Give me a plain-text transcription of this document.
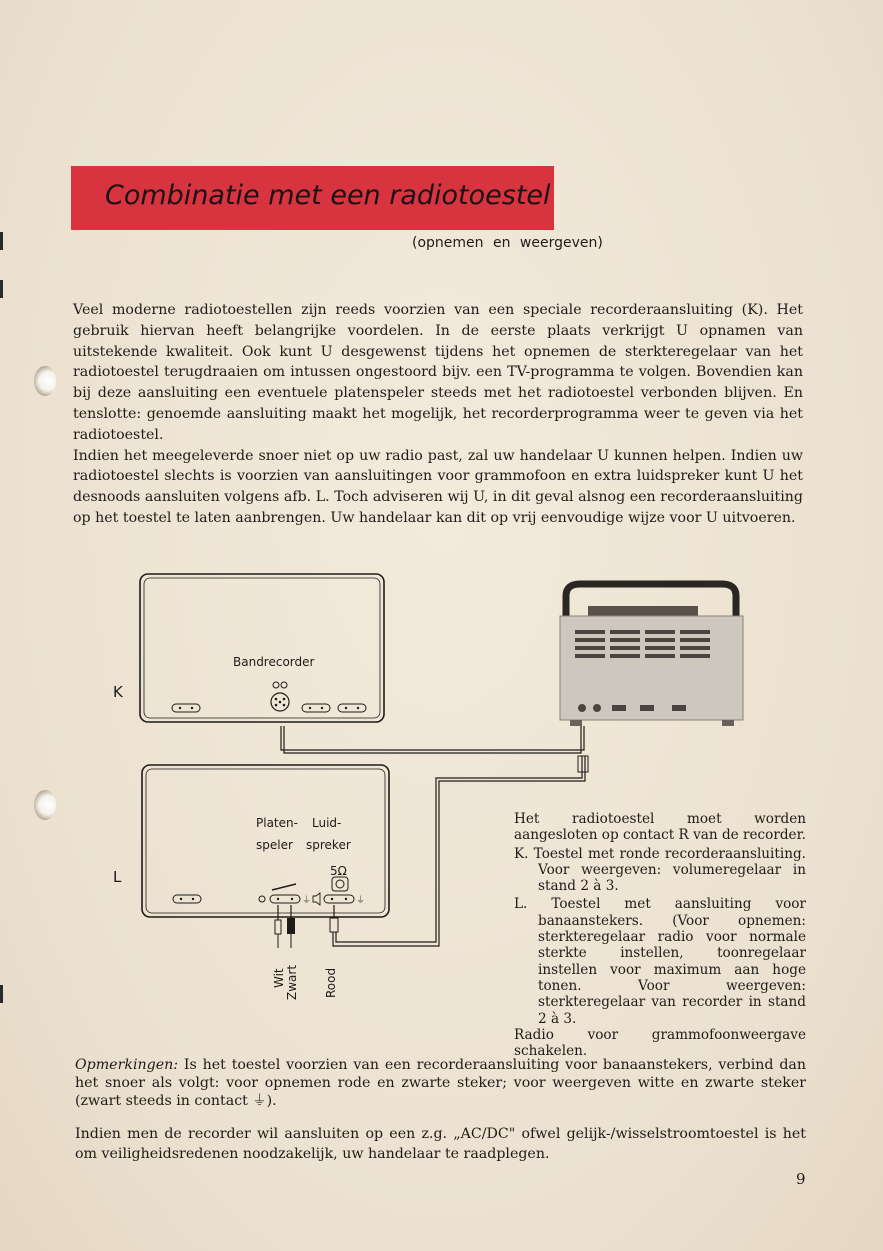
Combinatie met een radiotoestel
(opnemen en weergeven)

Veel moderne radiotoestellen zijn reeds voorzien van een speciale recorderaansluiting (K). Het gebruik hiervan heeft belangrijke voordelen. In de eerste plaats verkrijgt U opnamen van uitstekende kwaliteit. Ook kunt U desgewenst tijdens het opnemen de sterkteregelaar van het radiotoestel terugdraaien om intussen ongestoord bijv. een TV-programma te volgen. Bovendien kan bij deze aansluiting een eventuele platenspeler steeds met het radiotoestel verbonden blijven. En tenslotte: genoemde aansluiting maakt het mogelijk, het recorderprogramma weer te geven via het radiotoestel.

Indien het meegeleverde snoer niet op uw radio past, zal uw handelaar U kunnen helpen. Indien uw radiotoestel slechts is voorzien van aansluitingen voor grammofoon en extra luidspreker kunt U het desnoods aansluiten volgens afb. L. Toch adviseren wij U, in dit geval alsnog een recorderaansluiting op het toestel te laten aanbrengen. Uw handelaar kan dit op vrij eenvoudige wijze voor U uitvoeren.

Bandrecorder
K
Platen-
speler
Luid-
spreker
5Ω
⏚	⏚
L
Wit Zwart Rood

Het radiotoestel moet worden aangesloten op contact R van de recorder.

K. Toestel met ronde recorderaansluiting. Voor weergeven: volumeregelaar in stand 2 à 3.

L. Toestel met aansluiting voor banaanstekers. (Voor opnemen: sterkteregelaar radio voor normale sterkte instellen, toonregelaar instellen voor maximum aan hoge tonen. Voor weergeven: sterkteregelaar van recorder in stand 2 à 3.

Radio voor grammofoonweergave schakelen.

Opmerkingen: Is het toestel voorzien van een recorderaansluiting voor banaanstekers, verbind dan het snoer als volgt: voor opnemen rode en zwarte steker; voor weergeven witte en zwarte steker (zwart steeds in contact ⏚).
Indien men de recorder wil aansluiten op een z.g. „AC/DC" ofwel gelijk-/wisselstroomtoestel is het om veiligheidsredenen noodzakelijk, uw handelaar te raadplegen.
9
